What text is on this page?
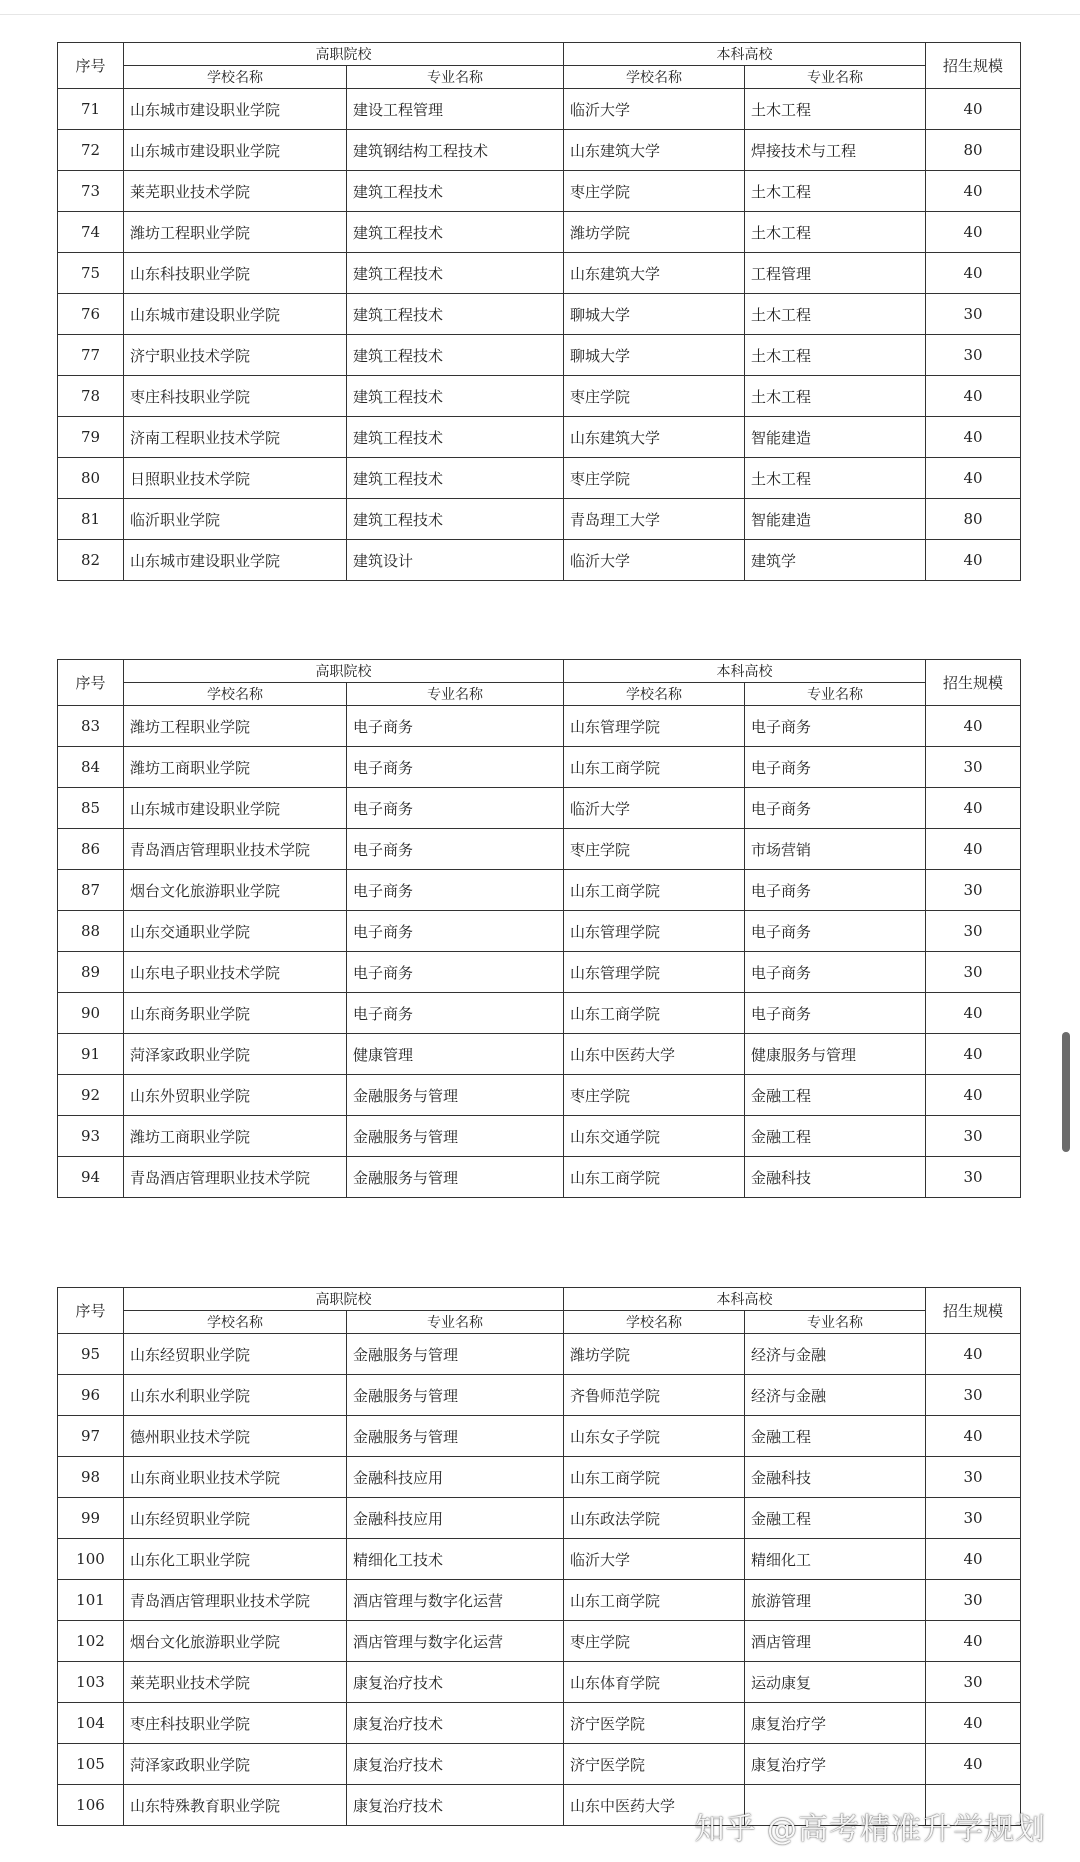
序号	高职院校		本科高校		招生规模
	学校名称	专业名称	学校名称	专业名称	
71	山东城市建设职业学院	建设工程管理	临沂大学	土木工程	40
72	山东城市建设职业学院	建筑钢结构工程技术	山东建筑大学	焊接技术与工程	80
73	莱芜职业技术学院	建筑工程技术	枣庄学院	土木工程	40
74	潍坊工程职业学院	建筑工程技术	潍坊学院	土木工程	40
75	山东科技职业学院	建筑工程技术	山东建筑大学	工程管理	40
76	山东城市建设职业学院	建筑工程技术	聊城大学	土木工程	30
77	济宁职业技术学院	建筑工程技术	聊城大学	土木工程	30
78	枣庄科技职业学院	建筑工程技术	枣庄学院	土木工程	40
79	济南工程职业技术学院	建筑工程技术	山东建筑大学	智能建造	40
80	日照职业技术学院	建筑工程技术	枣庄学院	土木工程	40
81	临沂职业学院	建筑工程技术	青岛理工大学	智能建造	80
82	山东城市建设职业学院	建筑设计	临沂大学	建筑学	40
序号	高职院校		本科高校		招生规模
	学校名称	专业名称	学校名称	专业名称	
83	潍坊工程职业学院	电子商务	山东管理学院	电子商务	40
84	潍坊工商职业学院	电子商务	山东工商学院	电子商务	30
85	山东城市建设职业学院	电子商务	临沂大学	电子商务	40
86	青岛酒店管理职业技术学院	电子商务	枣庄学院	市场营销	40
87	烟台文化旅游职业学院	电子商务	山东工商学院	电子商务	30
88	山东交通职业学院	电子商务	山东管理学院	电子商务	30
89	山东电子职业技术学院	电子商务	山东管理学院	电子商务	30
90	山东商务职业学院	电子商务	山东工商学院	电子商务	40
91	菏泽家政职业学院	健康管理	山东中医药大学	健康服务与管理	40
92	山东外贸职业学院	金融服务与管理	枣庄学院	金融工程	40
93	潍坊工商职业学院	金融服务与管理	山东交通学院	金融工程	30
94	青岛酒店管理职业技术学院	金融服务与管理	山东工商学院	金融科技	30
序号	高职院校		本科高校		招生规模
	学校名称	专业名称	学校名称	专业名称	
95	山东经贸职业学院	金融服务与管理	潍坊学院	经济与金融	40
96	山东水利职业学院	金融服务与管理	齐鲁师范学院	经济与金融	30
97	德州职业技术学院	金融服务与管理	山东女子学院	金融工程	40
98	山东商业职业技术学院	金融科技应用	山东工商学院	金融科技	30
99	山东经贸职业学院	金融科技应用	山东政法学院	金融工程	30
100	山东化工职业学院	精细化工技术	临沂大学	精细化工	40
101	青岛酒店管理职业技术学院	酒店管理与数字化运营	山东工商学院	旅游管理	30
102	烟台文化旅游职业学院	酒店管理与数字化运营	枣庄学院	酒店管理	40
103	莱芜职业技术学院	康复治疗技术	山东体育学院	运动康复	30
104	枣庄科技职业学院	康复治疗技术	济宁医学院	康复治疗学	40
105	菏泽家政职业学院	康复治疗技术	济宁医学院	康复治疗学	40
106	山东特殊教育职业学院	康复治疗技术	山东中医药大学		
知乎 @高考精准升学规划
